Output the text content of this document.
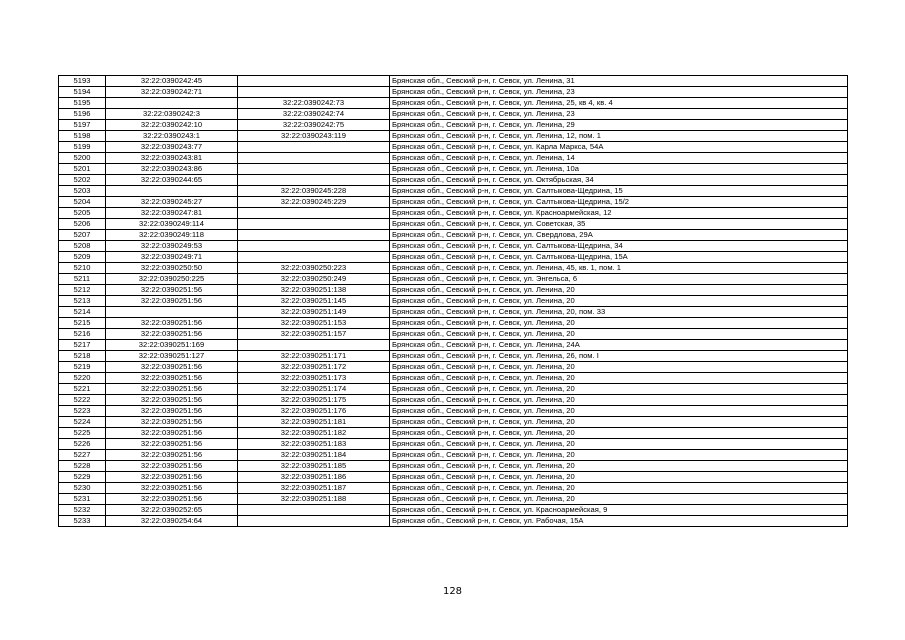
5193	32:22:0390242:45		Брянская обл., Севский р-н, г. Севск, ул. Ленина, 31
5194	32:22:0390242:71		Брянская обл., Севский р-н, г. Севск, ул. Ленина, 23
5195		32:22:0390242:73	Брянская обл., Севский р-н, г. Севск, ул. Ленина, 25, кв 4, кв. 4
5196	32:22:0390242:3	32:22:0390242:74	Брянская обл., Севский р-н, г. Севск, ул. Ленина, 23
5197	32:22:0390242:10	32:22:0390242:75	Брянская обл., Севский р-н, г. Севск, ул. Ленина, 29
5198	32:22:0390243:1	32:22:0390243:119	Брянская обл., Севский р-н, г. Севск, ул. Ленина, 12, пом. 1
5199	32:22:0390243:77		Брянская обл., Севский р-н, г. Севск, ул. Карла Маркса, 54А
5200	32:22:0390243:81		Брянская обл., Севский р-н, г. Севск, ул. Ленина, 14
5201	32:22:0390243:86		Брянская обл., Севский р-н, г. Севск, ул. Ленина, 10а
5202	32:22:0390244:65		Брянская обл., Севский р-н, г. Севск, ул. Октябрьская, 34
5203		32:22:0390245:228	Брянская обл., Севский р-н, г. Севск, ул. Салтыкова-Щедрина, 15
5204	32:22:0390245:27	32:22:0390245:229	Брянская обл., Севский р-н, г. Севск, ул. Салтыкова-Щедрина, 15/2
5205	32:22:0390247:81		Брянская обл., Севский р-н, г. Севск, ул. Красноармейская, 12
5206	32:22:0390249:114		Брянская обл., Севский р-н, г. Севск, ул. Советская, 35
5207	32:22:0390249:118		Брянская обл., Севский р-н, г. Севск, ул. Свердлова, 29А
5208	32:22:0390249:53		Брянская обл., Севский р-н, г. Севск, ул. Салтыкова-Щедрина, 34
5209	32:22:0390249:71		Брянская обл., Севский р-н, г. Севск, ул. Салтыкова-Щедрина, 15А
5210	32:22:0390250:50	32:22:0390250:223	Брянская обл., Севский р-н, г. Севск, ул. Ленина, 45, кв. 1, пом. 1
5211	32:22:0390250:225	32:22:0390250:249	Брянская обл., Севский р-н, г. Севск, ул. Энгельса, 6
5212	32:22:0390251:56	32:22:0390251:138	Брянская обл., Севский р-н, г. Севск, ул. Ленина, 20
5213	32:22:0390251:56	32:22:0390251:145	Брянская обл., Севский р-н, г. Севск, ул. Ленина, 20
5214		32:22:0390251:149	Брянская обл., Севский р-н, г. Севск, ул. Ленина, 20, пом. 33
5215	32:22:0390251:56	32:22:0390251:153	Брянская обл., Севский р-н, г. Севск, ул. Ленина, 20
5216	32:22:0390251:56	32:22:0390251:157	Брянская обл., Севский р-н, г. Севск, ул. Ленина, 20
5217	32:22:0390251:169		Брянская обл., Севский р-н, г. Севск, ул. Ленина, 24А
5218	32:22:0390251:127	32:22:0390251:171	Брянская обл., Севский р-н, г. Севск, ул. Ленина, 26, пом. I
5219	32:22:0390251:56	32:22:0390251:172	Брянская обл., Севский р-н, г. Севск, ул. Ленина, 20
5220	32:22:0390251:56	32:22:0390251:173	Брянская обл., Севский р-н, г. Севск, ул. Ленина, 20
5221	32:22:0390251:56	32:22:0390251:174	Брянская обл., Севский р-н, г. Севск, ул. Ленина, 20
5222	32:22:0390251:56	32:22:0390251:175	Брянская обл., Севский р-н, г. Севск, ул. Ленина, 20
5223	32:22:0390251:56	32:22:0390251:176	Брянская обл., Севский р-н, г. Севск, ул. Ленина, 20
5224	32:22:0390251:56	32:22:0390251:181	Брянская обл., Севский р-н, г. Севск, ул. Ленина, 20
5225	32:22:0390251:56	32:22:0390251:182	Брянская обл., Севский р-н, г. Севск, ул. Ленина, 20
5226	32:22:0390251:56	32:22:0390251:183	Брянская обл., Севский р-н, г. Севск, ул. Ленина, 20
5227	32:22:0390251:56	32:22:0390251:184	Брянская обл., Севский р-н, г. Севск, ул. Ленина, 20
5228	32:22:0390251:56	32:22:0390251:185	Брянская обл., Севский р-н, г. Севск, ул. Ленина, 20
5229	32:22:0390251:56	32:22:0390251:186	Брянская обл., Севский р-н, г. Севск, ул. Ленина, 20
5230	32:22:0390251:56	32:22:0390251:187	Брянская обл., Севский р-н, г. Севск, ул. Ленина, 20
5231	32:22:0390251:56	32:22:0390251:188	Брянская обл., Севский р-н, г. Севск, ул. Ленина, 20
5232	32:22:0390252:65		Брянская обл., Севский р-н, г. Севск, ул. Красноармейская, 9
5233	32:22:0390254:64		Брянская обл., Севский р-н, г. Севск, ул. Рабочая, 15А
128
